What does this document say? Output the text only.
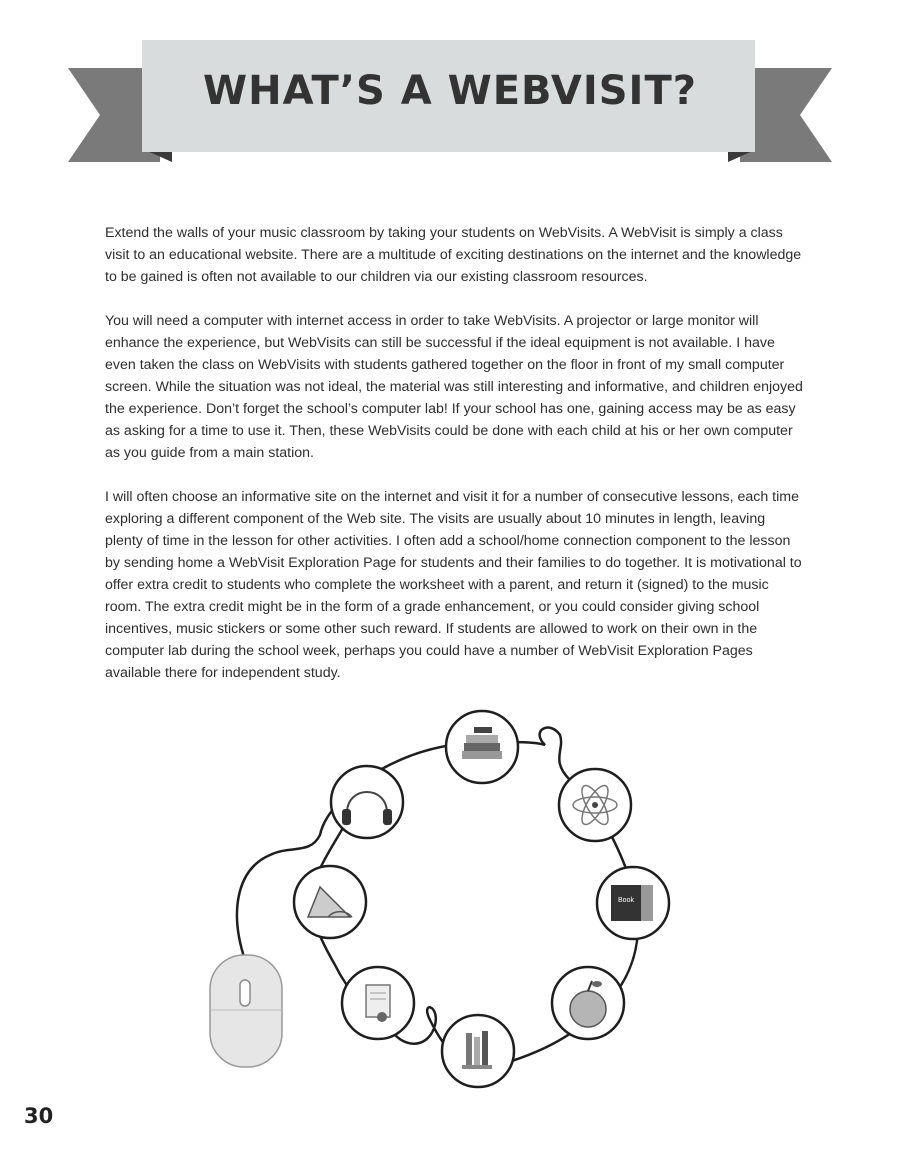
WHAT’S A WEBVISIT?

Extend the walls of your music classroom by taking your students on WebVisits. A WebVisit is simply a class visit to an educational website. There are a multitude of exciting destinations on the internet and the knowledge to be gained is often not available to our children via our existing classroom resources.

You will need a computer with internet access in order to take WebVisits. A projector or large monitor will enhance the experience, but WebVisits can still be successful if the ideal equipment is not available. I have even taken the class on WebVisits with students gathered together on the floor in front of my small computer screen. While the situation was not ideal, the material was still interesting and informative, and children enjoyed the experience. Don’t forget the school’s computer lab! If your school has one, gaining access may be as easy as asking for a time to use it. Then, these WebVisits could be done with each child at his or her own computer as you guide from a main station.

I will often choose an informative site on the internet and visit it for a number of consecutive lessons, each time exploring a different component of the Web site. The visits are usually about 10 minutes in length, leaving plenty of time in the lesson for other activities. I often add a school/home connection component to the lesson by sending home a WebVisit Exploration Page for students and their families to do together. It is motivational to offer extra credit to students who complete the worksheet with a parent, and return it (signed) to the music room. The extra credit might be in the form of a grade enhancement, or you could consider giving school incentives, music stickers or some other such reward. If students are allowed to work on their own in the computer lab during the school week, perhaps you could have a number of WebVisit Exploration Pages available there for independent study.

Book
30
